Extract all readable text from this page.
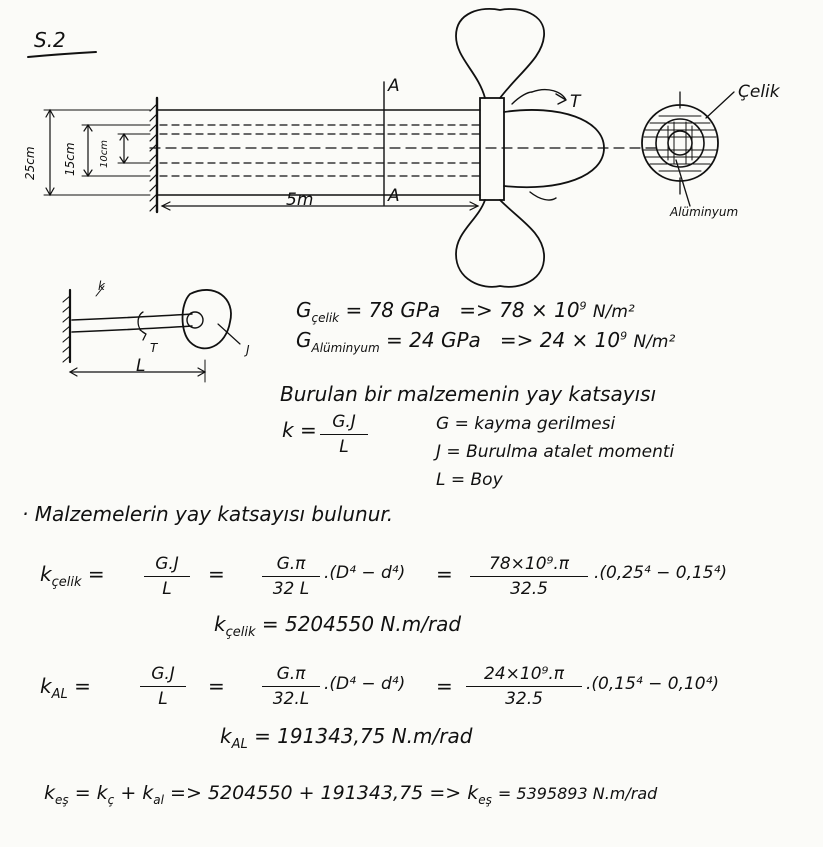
S.2
25cm 15cm 10cm
5m
A
A
T	Çelik
Alüminyum
k
T
L
J
$G_{çelik} = 78$ GPa => $78 \times 10^9$ N/m²
$G_{Alüminyum} = 24$ GPa => $24 \times 10^9$ N/m²
Burulan bir malzemenin yay katsayısı
$k = \frac{G.J}{L}$	G = kayma gerilmesi
J = Burulma atalet momenti
L = Boy
· Malzemelerin yay katsayısı bulunur.
$k_{çelik} = \frac{G.J}{L} = \frac{G.\pi}{32 L} .(D^4 - d^4) = \frac{\text{78×10⁹.π}}{32.5} .(0,25^4 - 0,15^4)$
$k_{çelik} = 5204550$ N.m/rad
$k_{AL}$ =	$\frac{G.J}{L} = \frac{G.\pi}{32.L} .(D^4 - d^4) = \frac{\text{24×10⁹.π}}{32.5} .(0,15^4 - 0,10^4)$
$k_{AL} = 191343,75$ N.m/rad
$k_{eş} = k_ç + k_{al} => 5204550 + 191343,75 => k_{eş} = 5395893$ N.m/rad
